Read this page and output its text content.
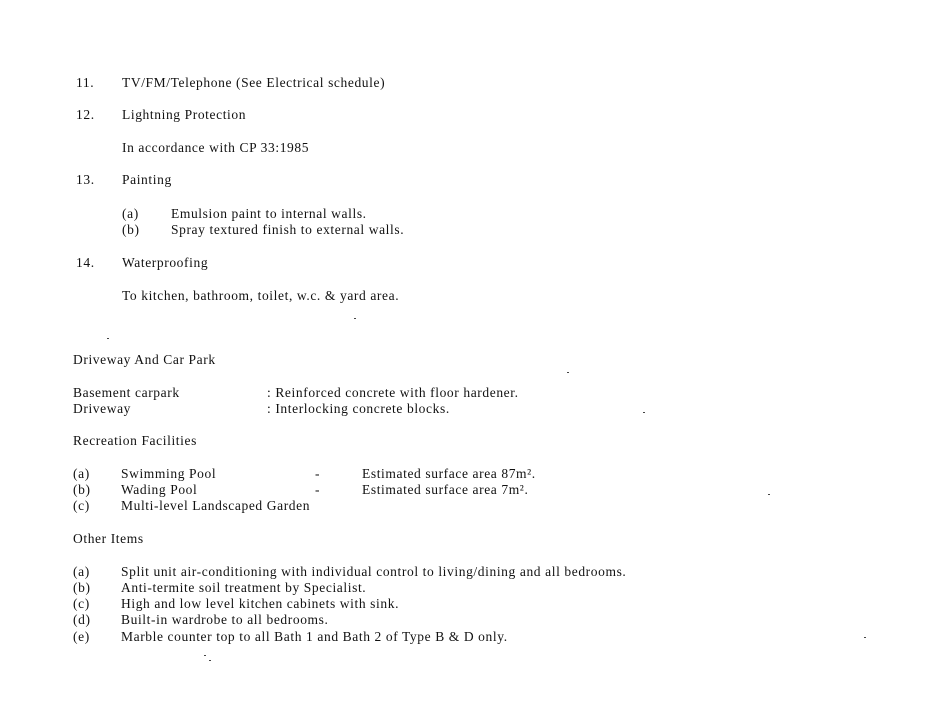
11. TV/FM/Telephone (See Electrical schedule)
12. Lightning Protection
In accordance with CP 33:1985
13. Painting
(a) Emulsion paint to internal walls.
(b) Spray textured finish to external walls.
14. Waterproofing
To kitchen, bathroom, toilet, w.c. & yard area.
Driveway And Car Park
Basement carpark	: Reinforced concrete with floor hardener.
Driveway	: Interlocking concrete blocks.
Recreation Facilities
(a) Swimming Pool	-	Estimated surface area 87m².
(b) Wading Pool	-	Estimated surface area 7m².
(c) Multi-level Landscaped Garden
Other Items
(a) Split unit air-conditioning with individual control to living/dining and all bedrooms.
(b) Anti-termite soil treatment by Specialist.
(c) High and low level kitchen cabinets with sink.
(d) Built-in wardrobe to all bedrooms.
(e) Marble counter top to all Bath 1 and Bath 2 of Type B & D only.
